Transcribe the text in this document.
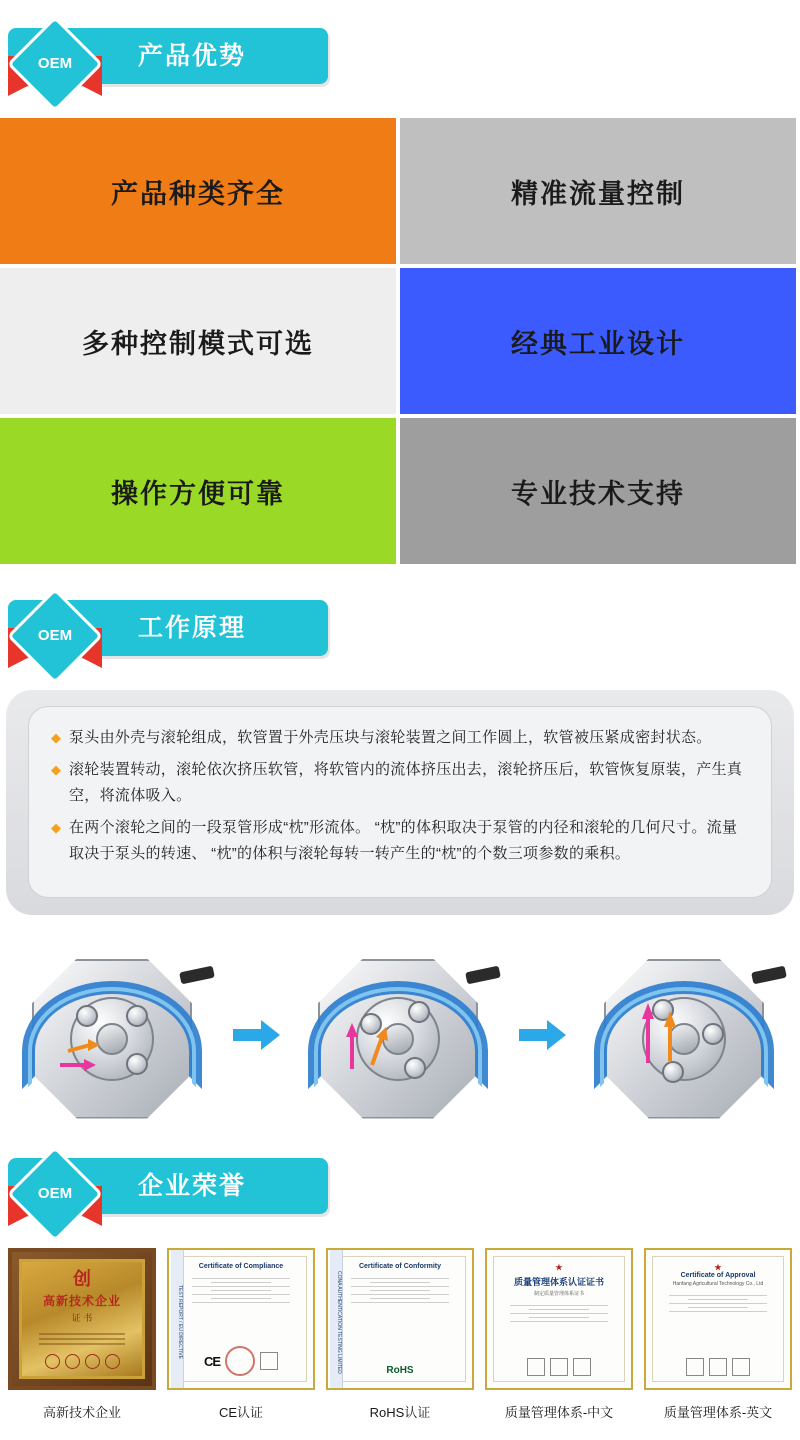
产品优势
OEM
产品种类齐全	精准流量控制
多种控制模式可选	经典工业设计
操作方便可靠	专业技术支持
工作原理
OEM
◆ 泵头由外壳与滚轮组成，软管置于外壳压块与滚轮装置之间工作圆上，软管被压紧成密封状态。
◆ 滚轮装置转动，滚轮依次挤压软管，将软管内的流体挤压出去，滚轮挤压后，软管恢复原装，产生真空，将流体吸入。
◆ 在两个滚轮之间的一段泵管形成“枕”形流体。 “枕”的体积取决于泵管的内径和滚轮的几何尺寸。流量取决于泵头的转速、 “枕”的体积与滚轮每转一转产生的“枕”的个数三项参数的乘积。
企业荣誉
OEM
创
高新技术企业
证 书
高新技术企业
TEST REPORT / EU DIRECTIVE
Certificate of Compliance
CE
CE认证
CONA AUTHENTICATION TESTING LIMITED
Certificate of Conformity
RoHS
RoHS认证
★
质量管理体系认证证书
制定质量管理体系证书
质量管理体系-中文
★
Certificate of Approval
Hanfang Agricultural Technology Co., Ltd
质量管理体系-英文
